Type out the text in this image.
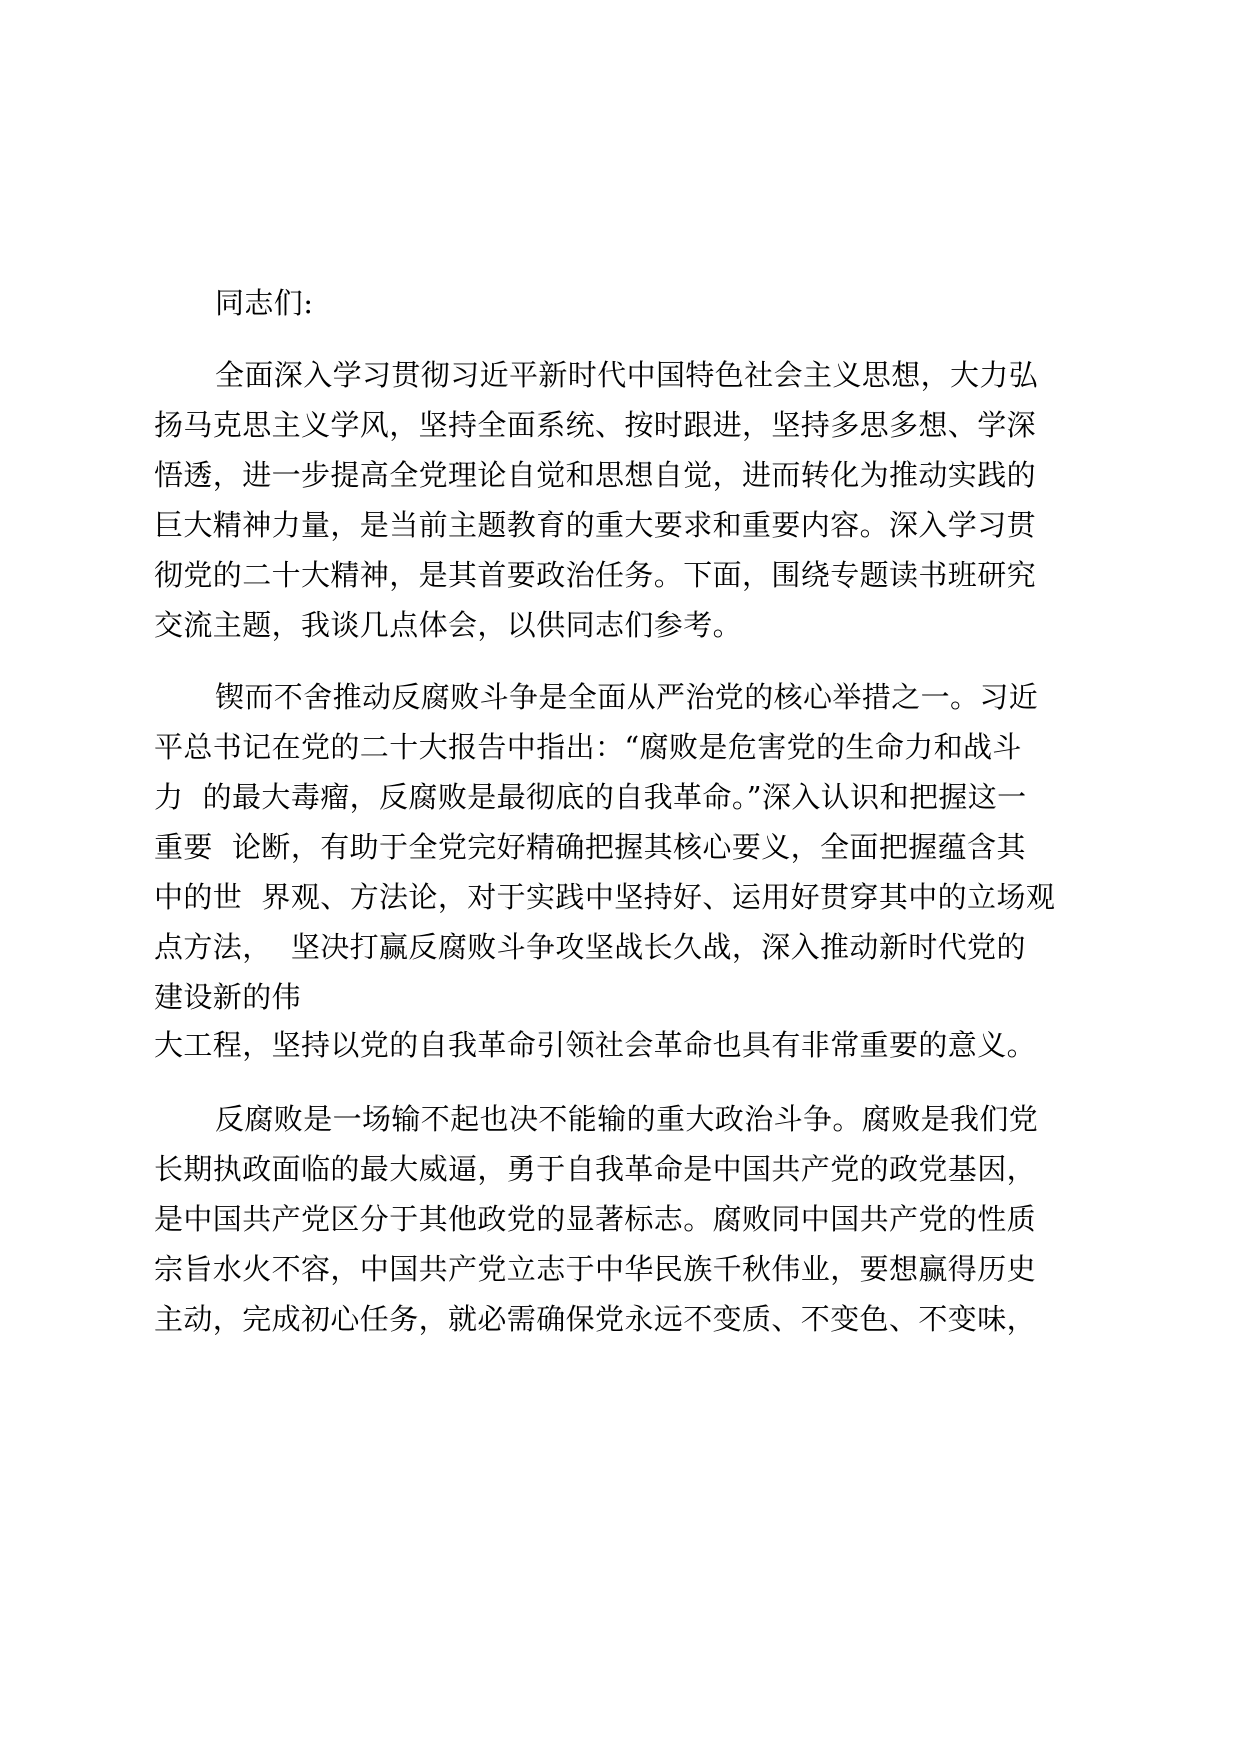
同志们:

全面深入学习贯彻习近平新时代中国特色社会主义思想，大力弘

扬马克思主义学风，坚持全面系统、按时跟进，坚持多思多想、学深

悟透，进一步提高全党理论自觉和思想自觉，进而转化为推动实践的

巨大精神力量，是当前主题教育的重大要求和重要内容。深入学习贯

彻党的二十大精神，是其首要政治任务。下面，围绕专题读书班研究

交流主题，我谈几点体会，以供同志们参考。

锲而不舍推动反腐败斗争是全面从严治党的核心举措之一。习近

平总书记在党的二十大报告中指出：“腐败是危害党的生命力和战斗

力  的最大毒瘤，反腐败是最彻底的自我革命。”深入认识和把握这一

重要  论断，有助于全党完好精确把握其核心要义，全面把握蕴含其

中的世  界观、方法论，对于实践中坚持好、运用好贯穿其中的立场观

点方法，  坚决打赢反腐败斗争攻坚战长久战，深入推动新时代党的

建设新的伟

大工程，坚持以党的自我革命引领社会革命也具有非常重要的意义。

反腐败是一场输不起也决不能输的重大政治斗争。腐败是我们党

长期执政面临的最大威逼，勇于自我革命是中国共产党的政党基因，

是中国共产党区分于其他政党的显著标志。腐败同中国共产党的性质

宗旨水火不容，中国共产党立志于中华民族千秋伟业，要想赢得历史

主动，完成初心任务，就必需确保党永远不变质、不变色、不变味，
